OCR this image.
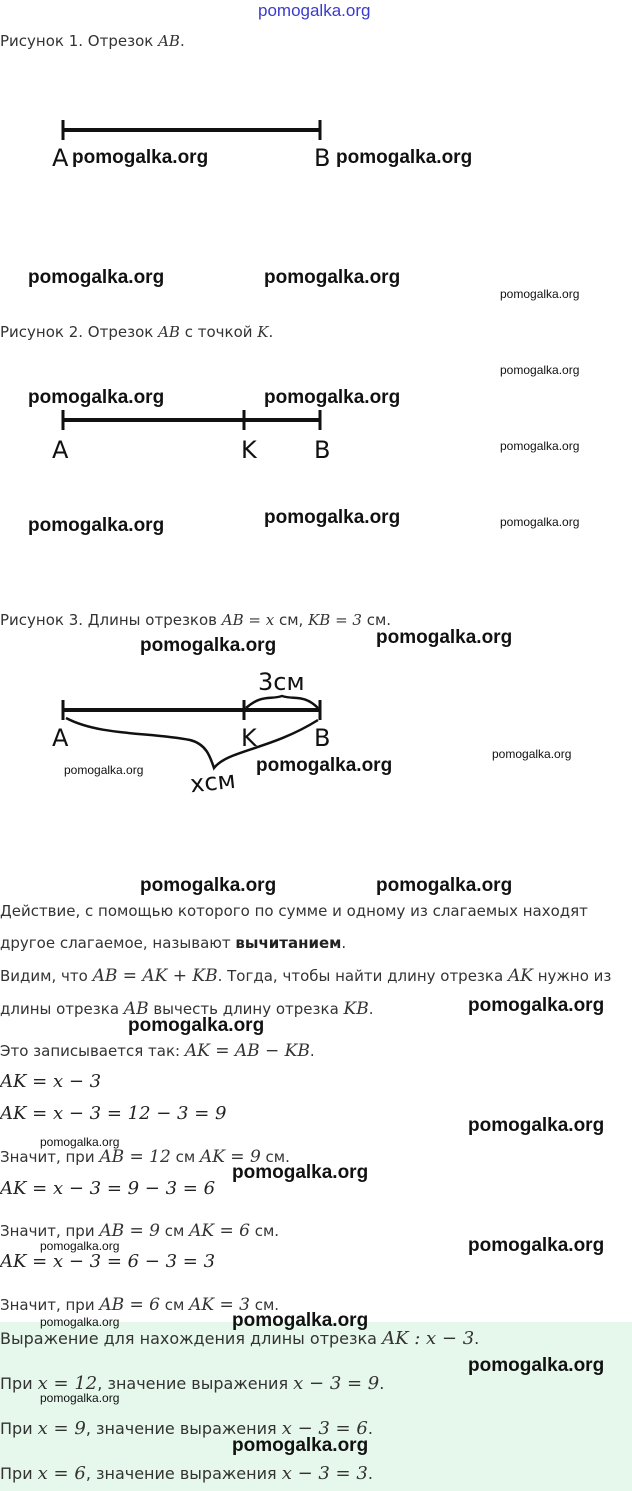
pomogalka.org
Рисунок 1. Отрезок AB.
A	B
Рисунок 2. Отрезок AB с точкой K.
A	K B
Рисунок 3. Длины отрезков AB = x см, KB = 3 см.
3см
A	K B
xсм
Действие, с помощью которого по сумме и одному из слагаемых находят
другое слагаемое, называют вычитанием.
Видим, что AB = AK + KB. Тогда, чтобы найти длину отрезка AK нужно из
длины отрезка AB вычесть длину отрезка KB.
Это записывается так: AK = AB − KB.
AK = x − 3
AK = x − 3 = 12 − 3 = 9
Значит, при AB = 12 см AK = 9 см.
AK = x − 3 = 9 − 3 = 6
Значит, при AB = 9 см AK = 6 см.
AK = x − 3 = 6 − 3 = 3
Значит, при AB = 6 см AK = 3 см.
Выражение для нахождения длины отрезка AK : x − 3.
При x = 12, значение выражения x − 3 = 9.
При x = 9, значение выражения x − 3 = 6.
При x = 6, значение выражения x − 3 = 3.
pomogalka.org	pomogalka.org
pomogalka.org	pomogalka.org
pomogalka.org	pomogalka.org
pomogalka.org	pomogalka.org
pomogalka.org	pomogalka.org
pomogalka.org
pomogalka.org	pomogalka.org
pomogalka.org
pomogalka.org
pomogalka.org
pomogalka.org
pomogalka.org
pomogalka.org
pomogalka.org
pomogalka.org
pomogalka.org
pomogalka.org
pomogalka.org
pomogalka.org
pomogalka.org
pomogalka.org
pomogalka.org
pomogalka.org
pomogalka.org
pomogalka.org
